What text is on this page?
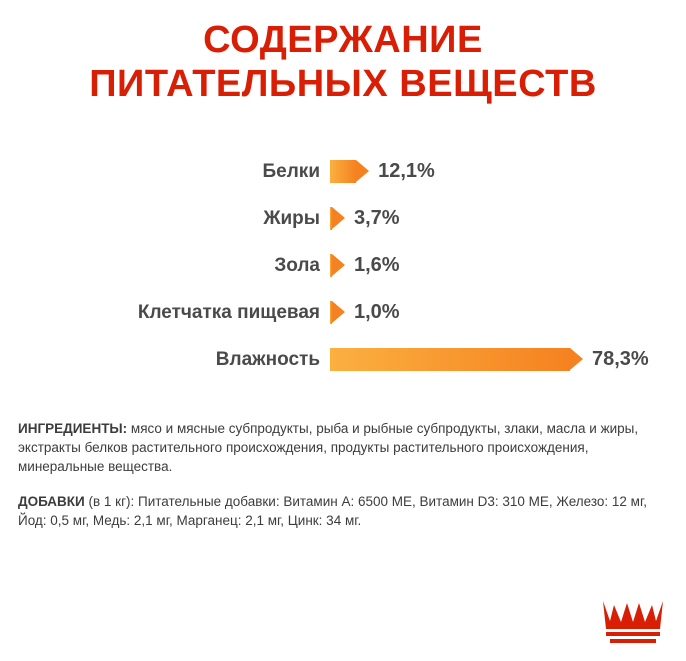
СОДЕРЖАНИЕ
ПИТАТЕЛЬНЫХ ВЕЩЕСТВ
Белки	12,1%
Жиры	3,7%
Зола	1,6%
Клетчатка пищевая	1,0%
Влажность	78,3%

ИНГРЕДИЕНТЫ: мясо и мясные субпродукты, рыба и рыбные субпродукты, злаки, масла и жиры, экстракты белков растительного происхождения, продукты растительного происхождения, минеральные вещества.

ДОБАВКИ (в 1 кг): Питательные добавки: Витамин А: 6500 МЕ, Витамин D3: 310 МЕ, Железо: 12 мг, Йод: 0,5 мг, Медь: 2,1 мг, Марганец: 2,1 мг, Цинк: 34 мг.
